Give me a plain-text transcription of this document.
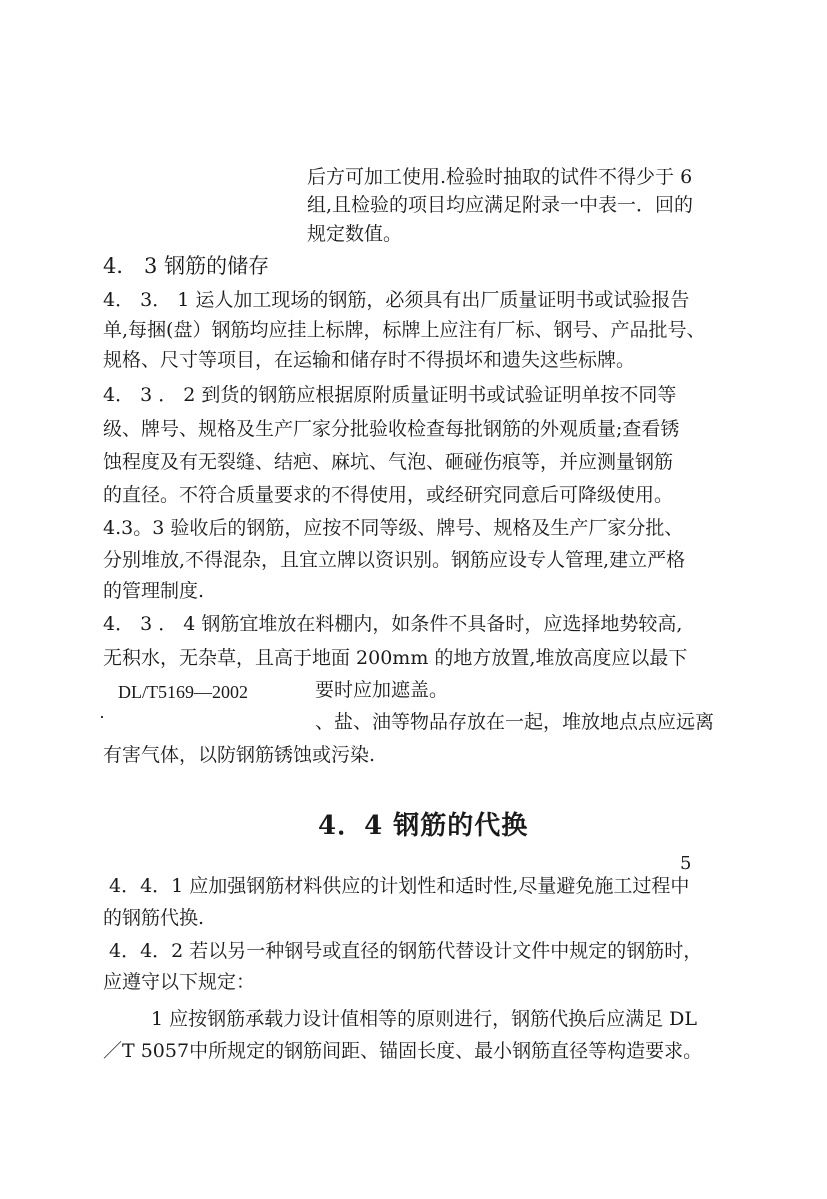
后方可加工使用.检验时抽取的试件不得少于 6
组,且检验的项目均应满足附录一中表一．回的
规定数值。
4． 3 钢筋的储存
4． 3． 1 运人加工现场的钢筋，必须具有出厂质量证明书或试验报告
单,每捆(盘）钢筋均应挂上标牌，标牌上应注有厂标、钢号、产品批号、
规格、尺寸等项目，在运输和储存时不得损坏和遗失这些标牌。
4． 3 ． 2 到货的钢筋应根据原附质量证明书或试验证明单按不同等
级、牌号、规格及生产厂家分批验收检查每批钢筋的外观质量;查看锈
蚀程度及有无裂缝、结疤、麻坑、气泡、砸碰伤痕等，并应测量钢筋
的直径。不符合质量要求的不得使用，或经研究同意后可降级使用。
4.3。3 验收后的钢筋，应按不同等级、牌号、规格及生产厂家分批、
分别堆放,不得混杂，且宜立牌以资识别。钢筋应设专人管理,建立严格
的管理制度.
4． 3 ． 4 钢筋宜堆放在料棚内，如条件不具备时，应选择地势较高,
无积水，无杂草，且高于地面 200mm 的地方放置,堆放高度应以最下
要时应加遮盖。
、盐、油等物品存放在一起，堆放地点点应远离
DL/T5169—2002
有害气体，以防钢筋锈蚀或污染.
4．4 钢筋的代换
5
4．4．1 应加强钢筋材料供应的计划性和适时性,尽量避免施工过程中
的钢筋代换.
4．4．2 若以另一种钢号或直径的钢筋代替设计文件中规定的钢筋时，
应遵守以下规定：
1 应按钢筋承载力设计值相等的原则进行，钢筋代换后应满足 DL
／T 5057中所规定的钢筋间距、锚固长度、最小钢筋直径等构造要求。
